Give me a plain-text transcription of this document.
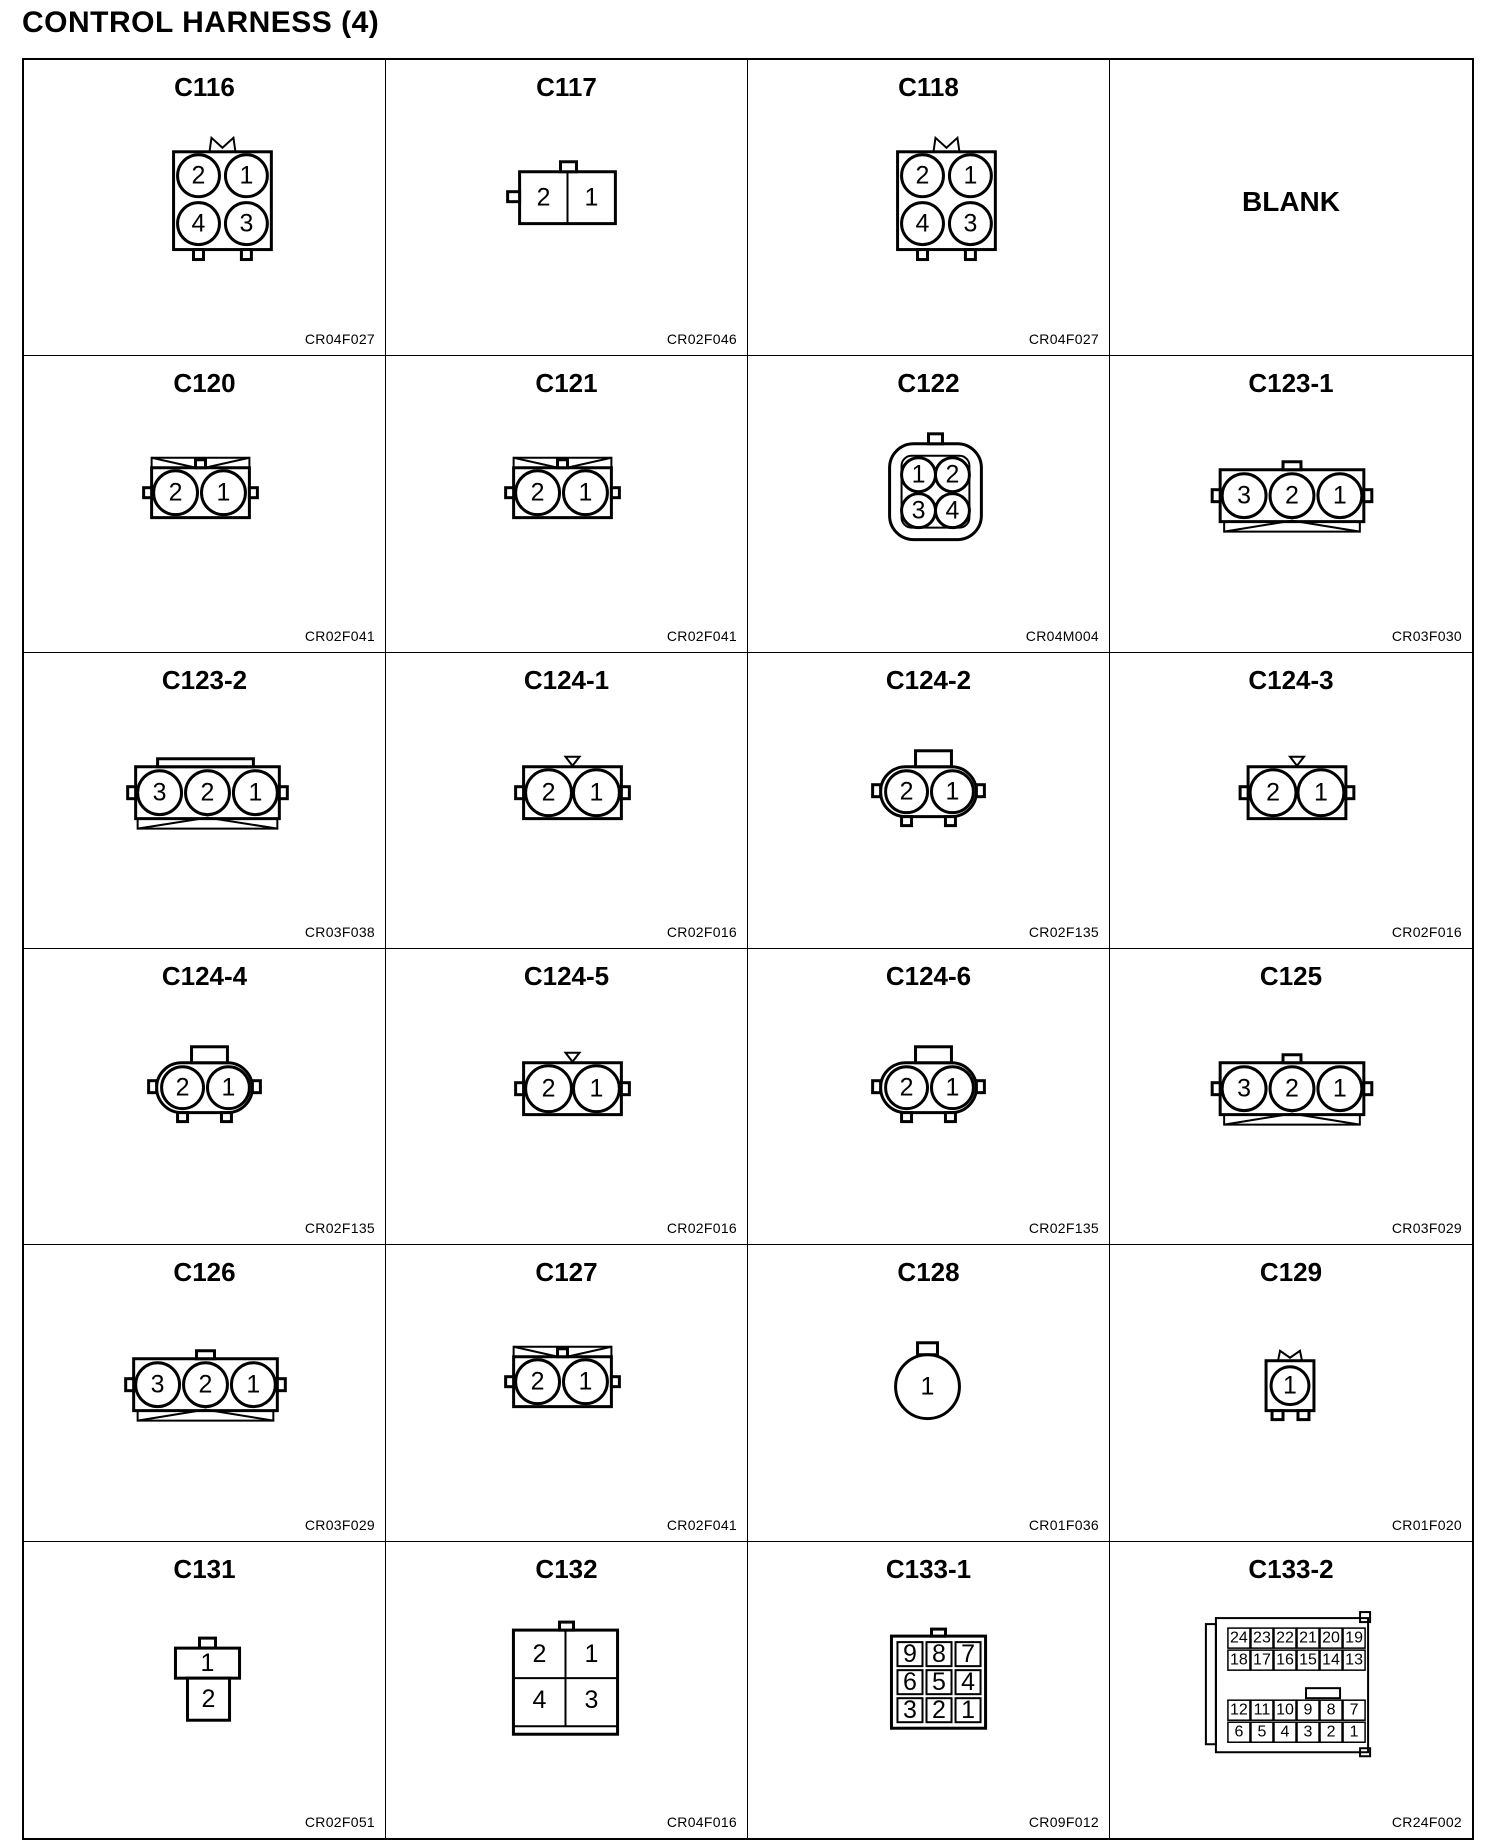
CONTROL HARNESS (4)
C116
2 1
4 3
CR04F027
C117
2 1
CR02F046
C118
2 1
4 3
CR04F027
BLANK
C120
2 1
CR02F041
C121
2 1
CR02F041
C122
1 2
3 4
CR04M004
C123-1
3 2 1
CR03F030
C123-2
3 2 1
CR03F038
C124-1
2 1
CR02F016
C124-2
2 1
CR02F135
C124-3
2 1
CR02F016
C124-4
2 1
CR02F135
C124-5
2 1
CR02F016
C124-6
2 1
CR02F135
C125
3 2 1
CR03F029
C126
3 2 1
CR03F029
C127
2 1
CR02F041
C128
1
CR01F036
C129
1
CR01F020
C131
1
2
CR02F051
C132
2 1
4 3
CR04F016
C133-1
9 8 7
6 5 4
3 2 1
CR09F012
C133-2
24 23 22 21 20 19
18 17 16 15 14 13
12 11 10 9 8 7
6 5 4 3 2 1
CR24F002
